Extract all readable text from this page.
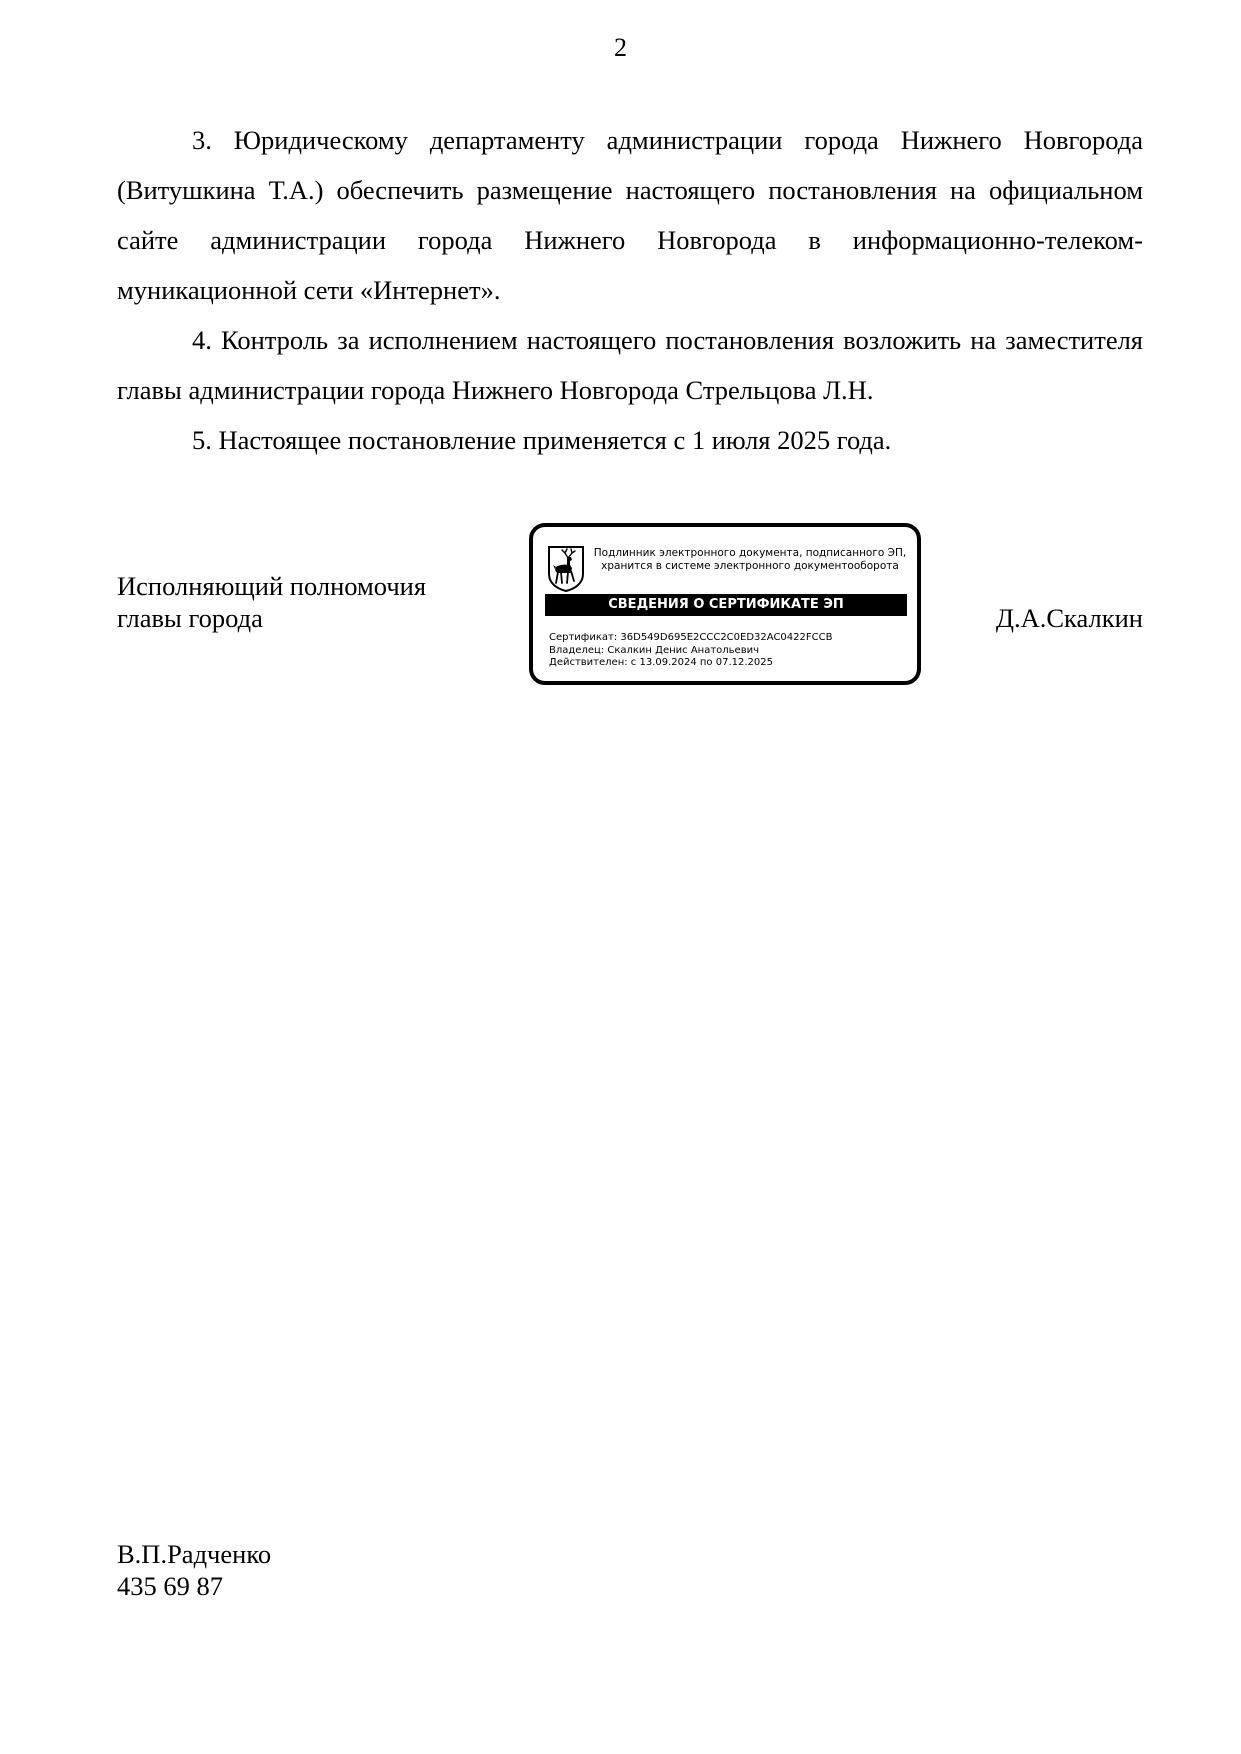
2

3. Юридическому департаменту администрации города Нижнего Новгорода (Витушкина Т.А.) обеспечить размещение настоящего постановления на официальном сайте администрации города Нижнего Новгорода в информационно-телекоммуникационной сети «Интернет».

4. Контроль за исполнением настоящего постановления возложить на заместителя главы администрации города Нижнего Новгорода Стрельцова Л.Н.

5. Настоящее постановление применяется с 1 июля 2025 года.

Исполняющий полномочия
главы города
Подлинник электронного документа, подписанного ЭП,
хранится в системе электронного документооборота
СВЕДЕНИЯ О СЕРТИФИКАТЕ ЭП
Сертификат: 36D549D695E2CCC2C0ED32AC0422FCCB
Владелец: Скалкин Денис Анатольевич
Действителен: с 13.09.2024 по 07.12.2025
Д.А.Скалкин
В.П.Радченко
435 69 87
